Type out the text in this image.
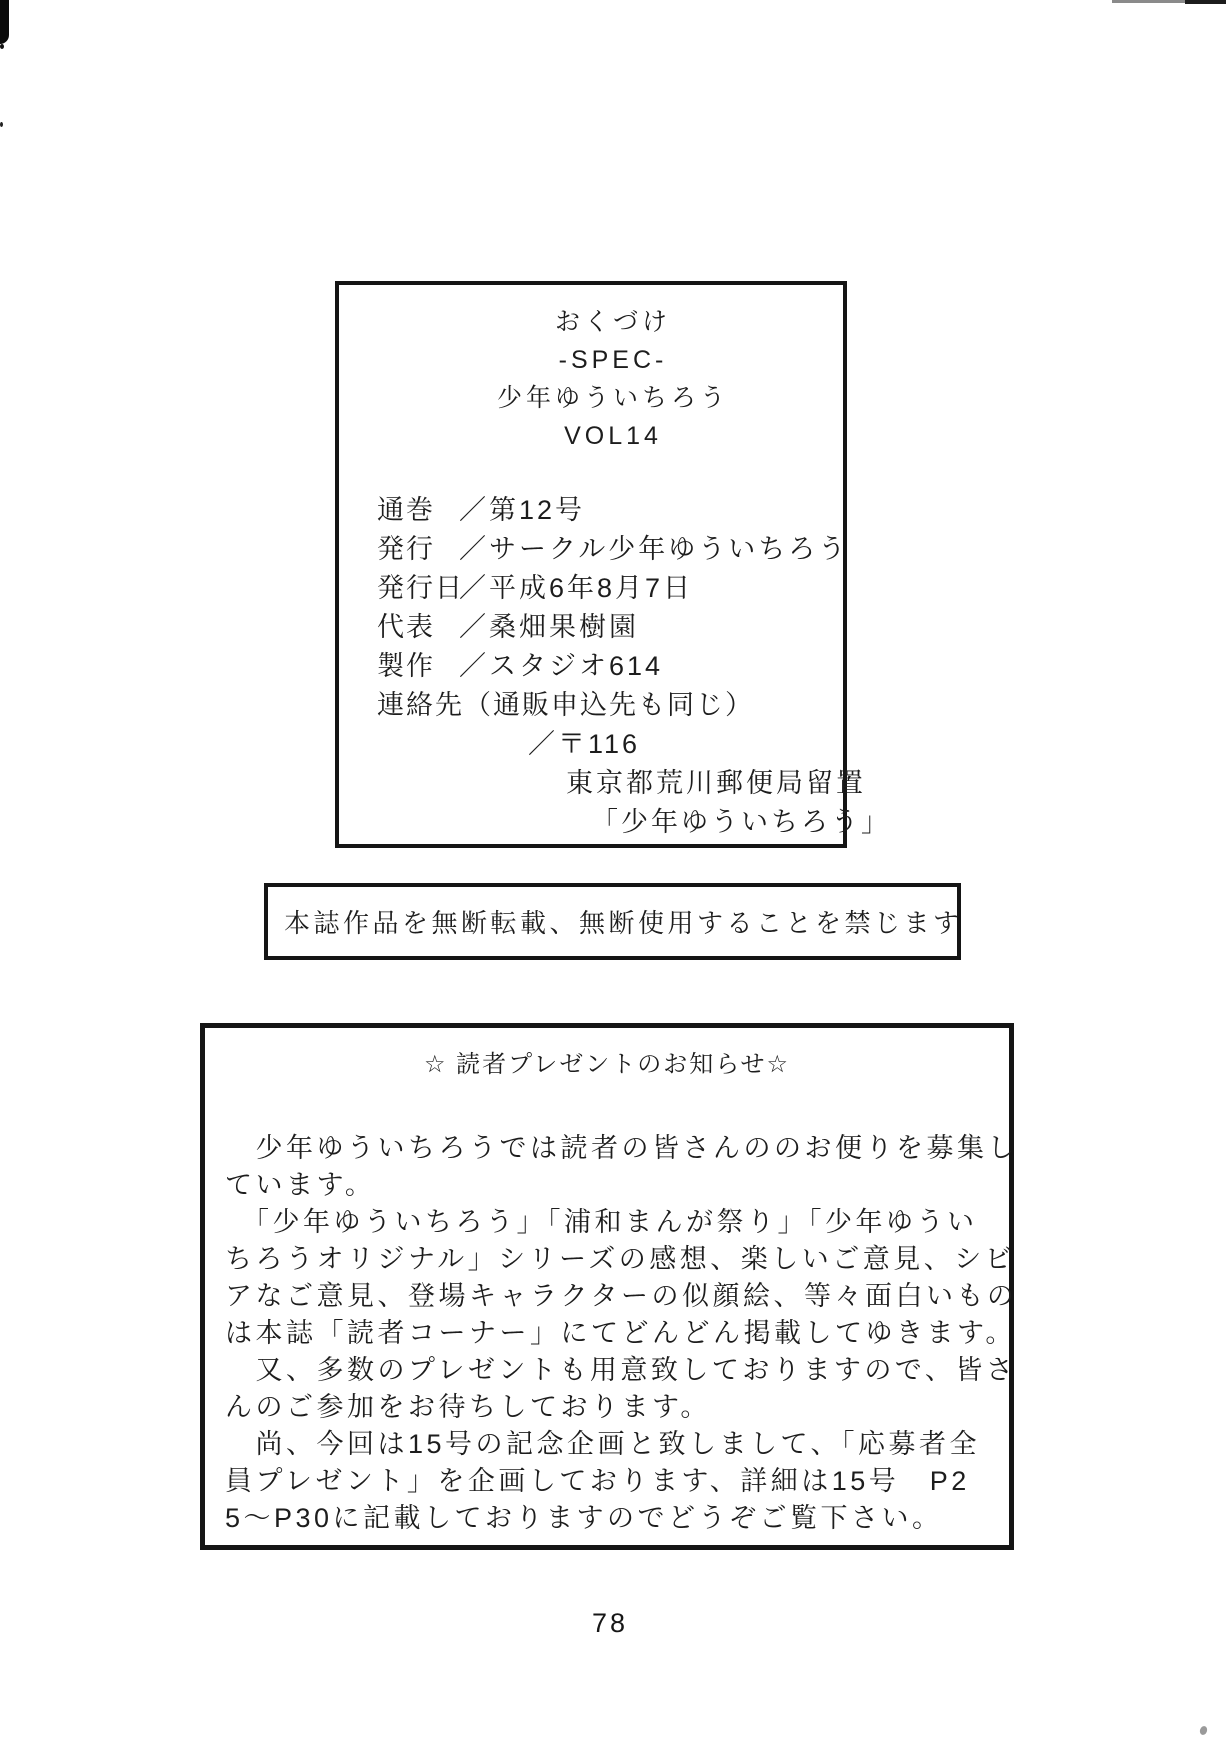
おくづけ
-SPEC-
少年ゆういちろう
VOL14
通巻 ／第12号
発行 ／サークル少年ゆういちろう
発行日
／平成6年8月7日
代表 ／桑畑果樹園
製作 ／スタジオ614
連絡先（通販申込先も同じ）
／〒116
東京都荒川郵便局留置
「少年ゆういちろう」
本誌作品を無断転載、無断使用することを禁じます
☆ 読者プレゼントのお知らせ☆
　少年ゆういちろうでは読者の皆さんののお便りを募集し
ています。
　「少年ゆういちろう」「浦和まんが祭り」「少年ゆうい
ちろうオリジナル」シリーズの感想、楽しいご意見、シビ
アなご意見、登場キャラクターの似顔絵、等々面白いもの
は本誌「読者コーナー」にてどんどん掲載してゆきます。
　又、多数のプレゼントも用意致しておりますので、皆さ
んのご参加をお待ちしております。
　尚、今回は15号の記念企画と致しまして、「応募者全
員プレゼント」を企画しております、詳細は15号　P2
5〜P30に記載しておりますのでどうぞご覧下さい。
78
